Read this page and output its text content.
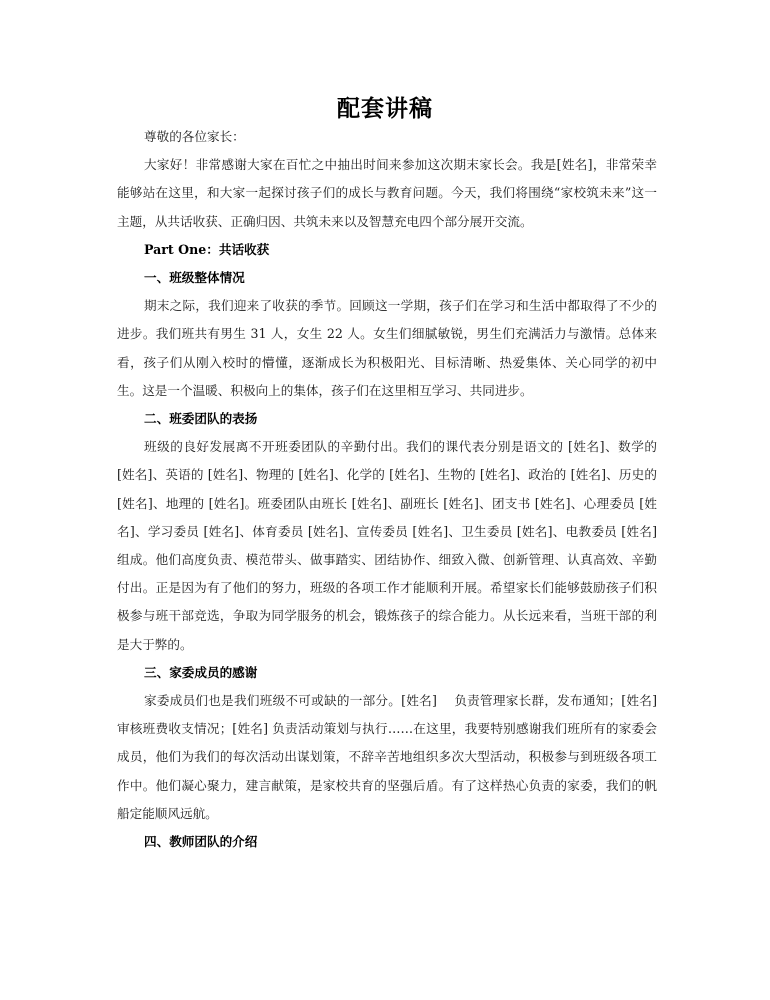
配套讲稿

尊敬的各位家长：

大家好！非常感谢大家在百忙之中抽出时间来参加这次期末家长会。我是[姓名]，非常荣幸能够站在这里，和大家一起探讨孩子们的成长与教育问题。今天，我们将围绕“家校筑未来”这一主题，从共话收获、正确归因、共筑未来以及智慧充电四个部分展开交流。

Part One：共话收获

一、班级整体情况

期末之际，我们迎来了收获的季节。回顾这一学期，孩子们在学习和生活中都取得了不少的进步。我们班共有男生 31 人，女生 22 人。女生们细腻敏锐，男生们充满活力与激情。总体来看，孩子们从刚入校时的懵懂，逐渐成长为积极阳光、目标清晰、热爱集体、关心同学的初中生。这是一个温暖、积极向上的集体，孩子们在这里相互学习、共同进步。

二、班委团队的表扬

班级的良好发展离不开班委团队的辛勤付出。我们的课代表分别是语文的 [姓名]、数学的 [姓名]、英语的 [姓名]、物理的 [姓名]、化学的 [姓名]、生物的 [姓名]、政治的 [姓名]、历史的 [姓名]、地理的 [姓名]。班委团队由班长 [姓名]、副班长 [姓名]、团支书 [姓名]、心理委员 [姓名]、学习委员 [姓名]、体育委员 [姓名]、宣传委员 [姓名]、卫生委员 [姓名]、电教委员 [姓名] 组成。他们高度负责、模范带头、做事踏实、团结协作、细致入微、创新管理、认真高效、辛勤付出。正是因为有了他们的努力，班级的各项工作才能顺利开展。希望家长们能够鼓励孩子们积极参与班干部竞选，争取为同学服务的机会，锻炼孩子的综合能力。从长远来看，当班干部的利是大于弊的。

三、家委成员的感谢

家委成员们也是我们班级不可或缺的一部分。[姓名]　 负责管理家长群，发布通知；[姓名] 审核班费收支情况；[姓名] 负责活动策划与执行……在这里，我要特别感谢我们班所有的家委会成员，他们为我们的每次活动出谋划策，不辞辛苦地组织多次大型活动，积极参与到班级各项工作中。他们凝心聚力，建言献策，是家校共育的坚强后盾。有了这样热心负责的家委，我们的帆船定能顺风远航。

四、教师团队的介绍
